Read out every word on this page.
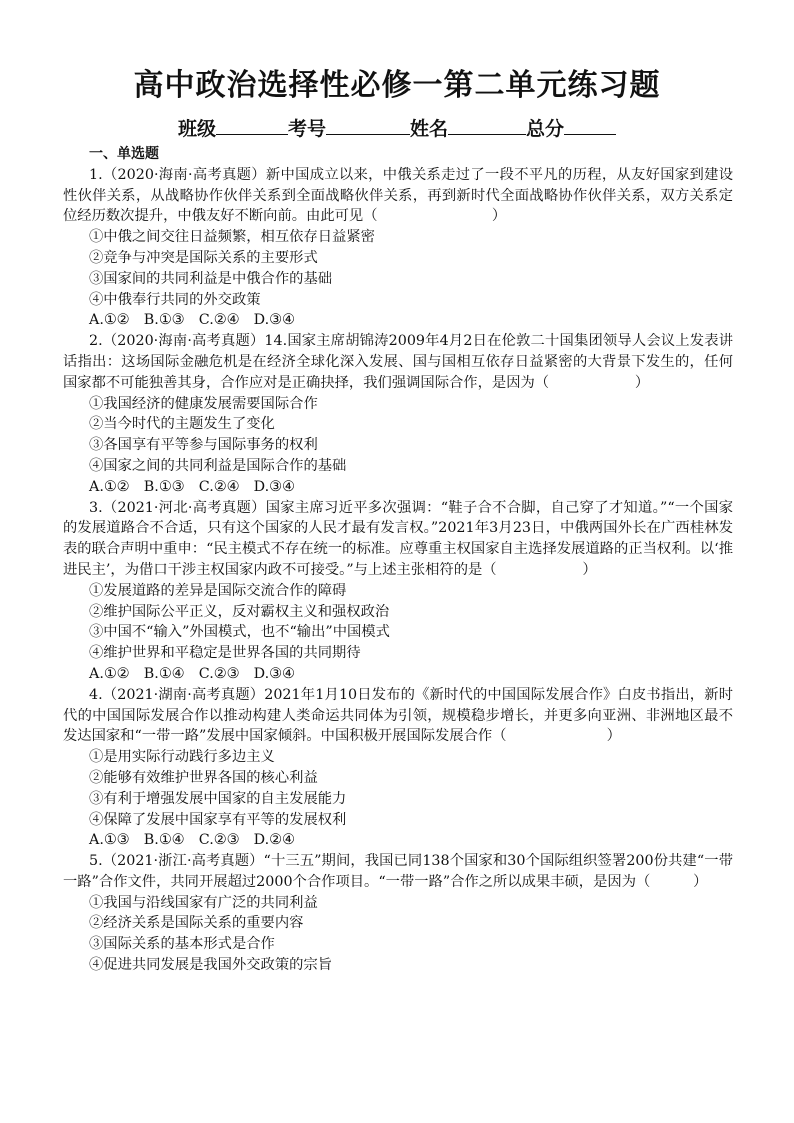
高中政治选择性必修一第二单元练习题
班级	考号	姓名	总分
一、单选题
1.（2020·海南·高考真题）新中国成立以来，中俄关系走过了一段不平凡的历程，从友好国家到建设性伙伴关系，从战略协作伙伴关系到全面战略伙伴关系，再到新时代全面战略协作伙伴关系，双方关系定位经历数次提升，中俄友好不断向前。由此可见（　　　　　　　　）
①中俄之间交往日益频繁，相互依存日益紧密
②竞争与冲突是国际关系的主要形式
③国家间的共同利益是中俄合作的基础
④中俄奉行共同的外交政策
A.①②　B.①③　C.②④　D.③④
2.（2020·海南·高考真题）14.国家主席胡锦涛2009年4月2日在伦敦二十国集团领导人会议上发表讲话指出：这场国际金融危机是在经济全球化深入发展、国与国相互依存日益紧密的大背景下发生的，任何国家都不可能独善其身，合作应对是正确抉择，我们强调国际合作，是因为（　　　　　　）
①我国经济的健康发展需要国际合作
②当今时代的主题发生了变化
③各国享有平等参与国际事务的权利
④国家之间的共同利益是国际合作的基础
A.①②　B.①③　C.②④　D.③④
3.（2021·河北·高考真题）国家主席习近平多次强调：“鞋子合不合脚，自己穿了才知道。”“一个国家的发展道路合不合适，只有这个国家的人民才最有发言权。”2021年3月23日，中俄两国外长在广西桂林发表的联合声明中重申：“民主模式不存在统一的标准。应尊重主权国家自主选择发展道路的正当权利。以‘推进民主’，为借口干涉主权国家内政不可接受。”与上述主张相符的是（　　　　　　）
①发展道路的差异是国际交流合作的障碍
②维护国际公平正义，反对霸权主义和强权政治
③中国不“输入”外国模式，也不“输出”中国模式
④维护世界和平稳定是世界各国的共同期待
A.①②　B.①④　C.②③　D.③④
4.（2021·湖南·高考真题）2021年1月10日发布的《新时代的中国国际发展合作》白皮书指出，新时代的中国国际发展合作以推动构建人类命运共同体为引领，规模稳步增长，并更多向亚洲、非洲地区最不发达国家和“一带一路”发展中国家倾斜。中国积极开展国际发展合作（　　　　　　　）
①是用实际行动践行多边主义
②能够有效维护世界各国的核心利益
③有利于增强发展中国家的自主发展能力
④保障了发展中国家享有平等的发展权利
A.①③　B.①④　C.②③　D.②④
5.（2021·浙江·高考真题）“十三五”期间，我国已同138个国家和30个国际组织签署200份共建“一带一路”合作文件，共同开展超过2000个合作项目。“一带一路”合作之所以成果丰硕，是因为（　　　）
①我国与沿线国家有广泛的共同利益
②经济关系是国际关系的重要内容
③国际关系的基本形式是合作
④促进共同发展是我国外交政策的宗旨
